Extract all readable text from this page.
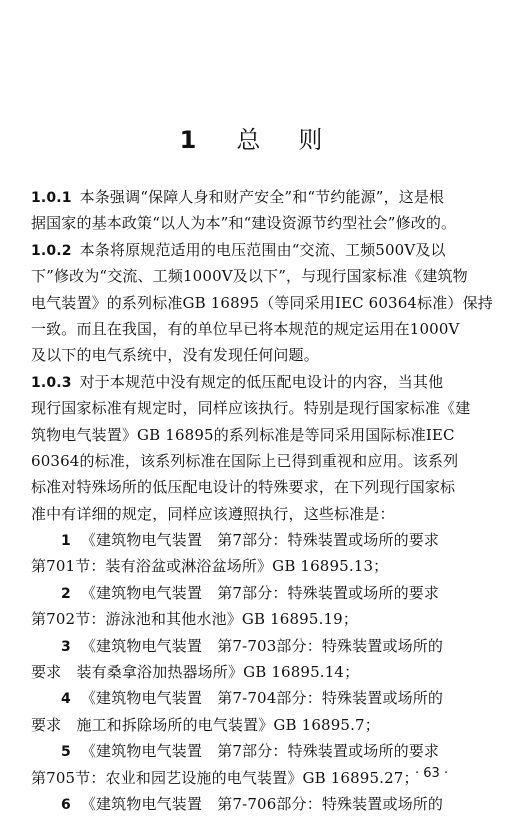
1 总 则
1.0.1 本条强调“保障人身和财产安全”和“节约能源”，这是根
据国家的基本政策“以人为本”和“建设资源节约型社会”修改的。
1.0.2 本条将原规范适用的电压范围由“交流、工频500V及以
下”修改为“交流、工频1000V及以下”，与现行国家标准《建筑物
电气装置》的系列标准GB 16895（等同采用IEC 60364标准）保持
一致。而且在我国，有的单位早已将本规范的规定运用在1000V
及以下的电气系统中，没有发现任何问题。
1.0.3 对于本规范中没有规定的低压配电设计的内容，当其他
现行国家标准有规定时，同样应该执行。特别是现行国家标准《建
筑物电气装置》GB 16895的系列标准是等同采用国际标准IEC
60364的标准，该系列标准在国际上已得到重视和应用。该系列
标准对特殊场所的低压配电设计的特殊要求，在下列现行国家标
准中有详细的规定，同样应该遵照执行，这些标准是：
1 《建筑物电气装置　第7部分：特殊装置或场所的要求
第701节：装有浴盆或淋浴盆场所》GB 16895.13；
2 《建筑物电气装置　第7部分：特殊装置或场所的要求
第702节：游泳池和其他水池》GB 16895.19；
3 《建筑物电气装置　第7-703部分：特殊装置或场所的
要求　装有桑拿浴加热器场所》GB 16895.14；
4 《建筑物电气装置　第7-704部分：特殊装置或场所的
要求　施工和拆除场所的电气装置》GB 16895.7；
5 《建筑物电气装置　第7部分：特殊装置或场所的要求
第705节：农业和园艺设施的电气装置》GB 16895.27；
6 《建筑物电气装置　第7-706部分：特殊装置或场所的
· 63 ·
